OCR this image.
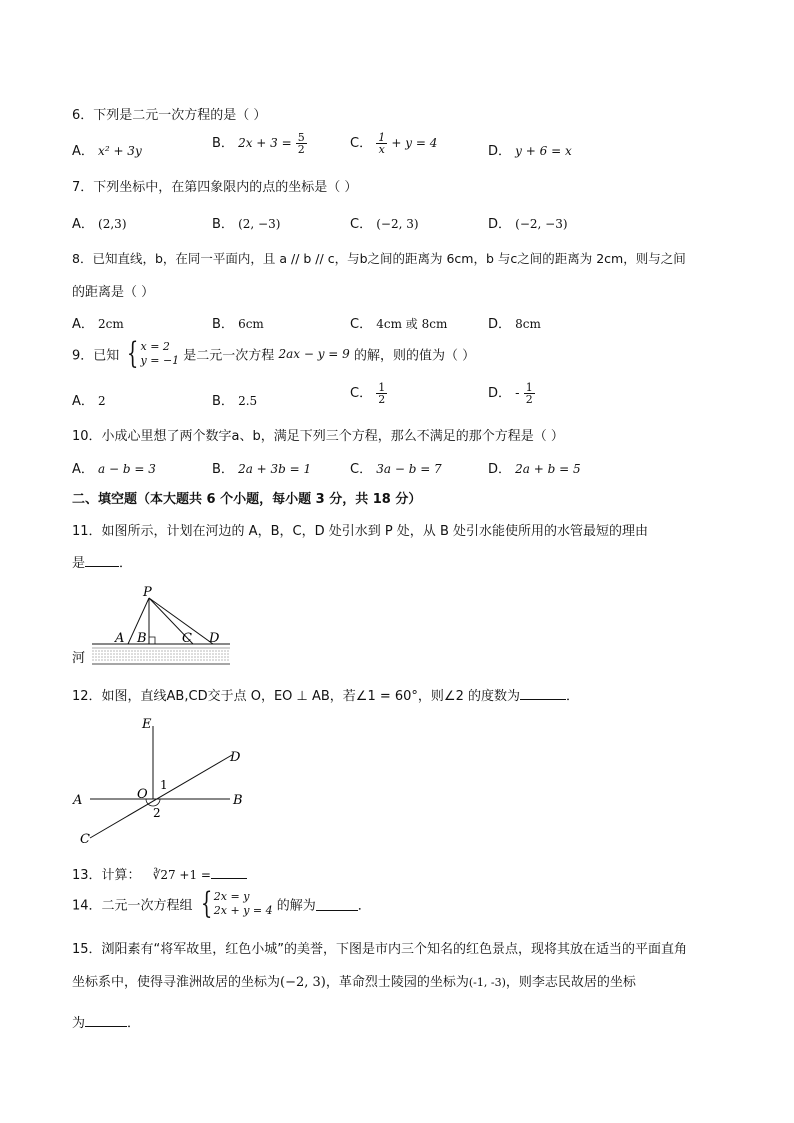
6．下列是二元一次方程的是（ ）
A． x² + 3y	B． $2x + 3 = \frac{5}{2}$	C． $\frac{1}{x} + y = 4$
D． y + 6 = x
7．下列坐标中，在第四象限内的点的坐标是（ ）
A． (2,3)	B． (2, −3)	C． (−2, 3)	D． (−2, −3)
8．已知直线，b，在同一平面内，且 a // b // c，与b之间的距离为 6cm，b 与c之间的距离为 2cm，则与之间
的距离是（ ）
A． 2cm	B． 6cm	C． 4cm 或 8cm	D． 8cm
9．已知 { x = 2
y = −1 是二元一次方程 2ax − y = 9 的解，则的值为（ ）
A． 2	B． 2.5	C． $\frac{1}{2}$	D． - $\frac{1}{2}$
10．小成心里想了两个数字a、b，满足下列三个方程，那么不满足的那个方程是（ ）
A． a − b = 3	B． 2a + 3b = 1	C． 3a − b = 7	D． 2a + b = 5
二、填空题（本大题共 6 个小题，每小题 3 分，共 18 分）
11．如图所示，计划在河边的 A，B，C，D 处引水到 P 处，从 B 处引水能使所用的水管最短的理由
是	．
P
A B	C D
河
12．如图，直线AB,CD交于点 O，EO ⊥ AB，若∠1 = 60°，则∠2 的度数为	．
E
D
A	O	B
C
1
2
13．计算： ∛27 +1 =
14．二元一次方程组 { 2x = y
2x + y = 4 的解为	．
15．浏阳素有“将军故里，红色小城”的美誉，下图是市内三个知名的红色景点，现将其放在适当的平面直角
坐标系中，使得寻淮洲故居的坐标为(−2, 3)，革命烈士陵园的坐标为(-1, -3)，则李志民故居的坐标
为	．
